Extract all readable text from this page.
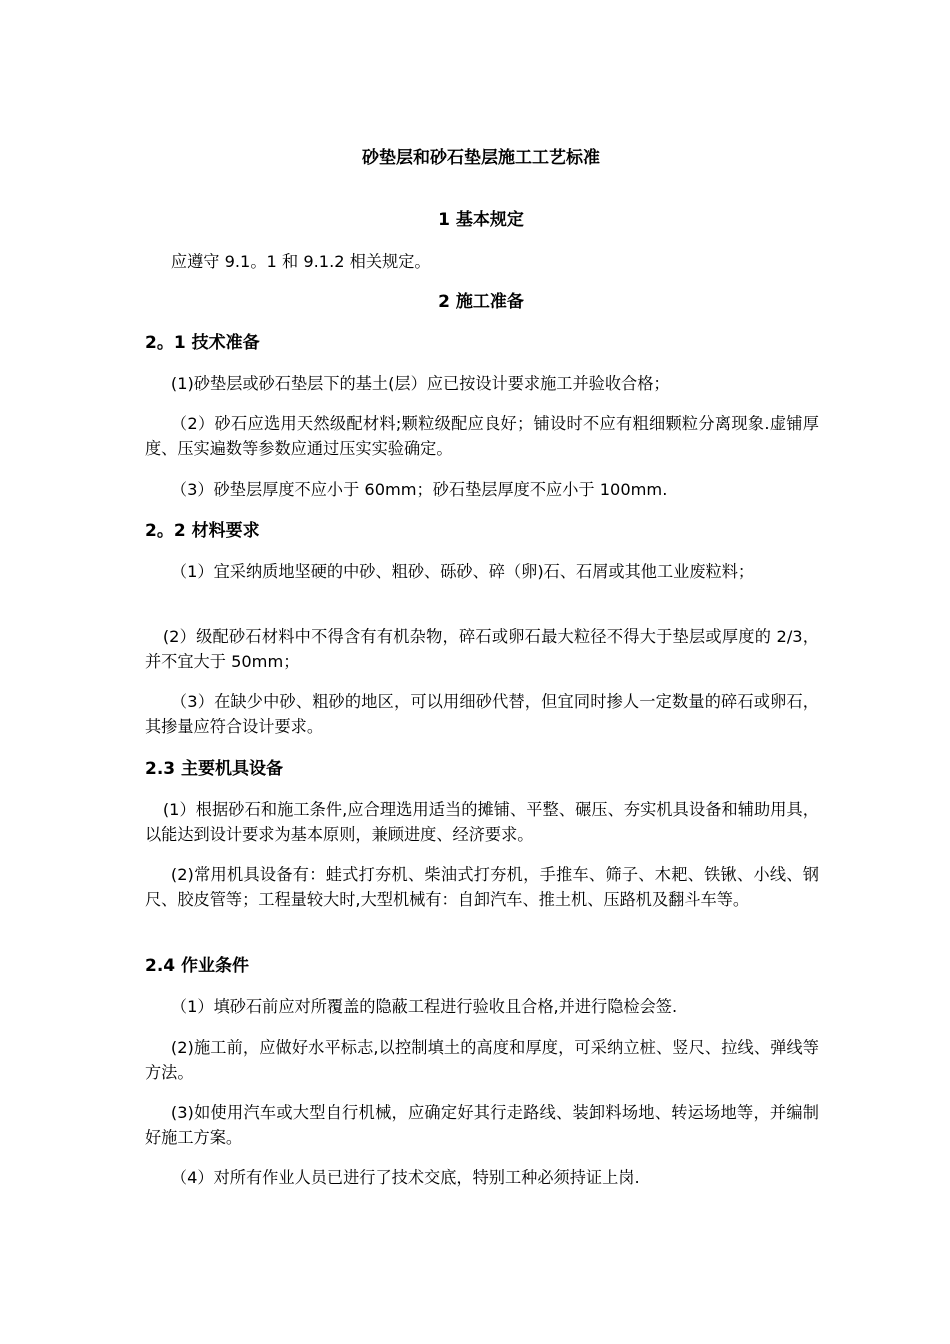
砂垫层和砂石垫层施工工艺标准
1 基本规定
应遵守 9.1。1 和 9.1.2 相关规定。
2 施工准备
2。1 技术准备
(1)砂垫层或砂石垫层下的基土(层）应已按设计要求施工并验收合格；
（2）砂石应选用天然级配材料;颗粒级配应良好；铺设时不应有粗细颗粒分离现象.虚铺厚度、压实遍数等参数应通过压实实验确定。
（3）砂垫层厚度不应小于 60mm；砂石垫层厚度不应小于 100mm.
2。2 材料要求
（1）宜采纳质地坚硬的中砂、粗砂、砾砂、碎（卵)石、石屑或其他工业废粒料；
(2）级配砂石材料中不得含有有机杂物，碎石或卵石最大粒径不得大于垫层或厚度的 2/3，并不宜大于 50mm；
（3）在缺少中砂、粗砂的地区，可以用细砂代替，但宜同时掺人一定数量的碎石或卵石，其掺量应符合设计要求。
2.3 主要机具设备
(1）根据砂石和施工条件,应合理选用适当的摊铺、平整、碾压、夯实机具设备和辅助用具，以能达到设计要求为基本原则，兼顾进度、经济要求。
(2)常用机具设备有：蛙式打夯机、柴油式打夯机，手推车、筛子、木耙、铁锹、小线、钢尺、胶皮管等；工程量较大时,大型机械有：自卸汽车、推土机、压路机及翻斗车等。
2.4 作业条件
（1）填砂石前应对所覆盖的隐蔽工程进行验收且合格,并进行隐检会签.
(2)施工前，应做好水平标志,以控制填土的高度和厚度，可采纳立桩、竖尺、拉线、弹线等方法。
(3)如使用汽车或大型自行机械，应确定好其行走路线、装卸料场地、转运场地等，并编制好施工方案。
（4）对所有作业人员已进行了技术交底，特别工种必须持证上岗.
